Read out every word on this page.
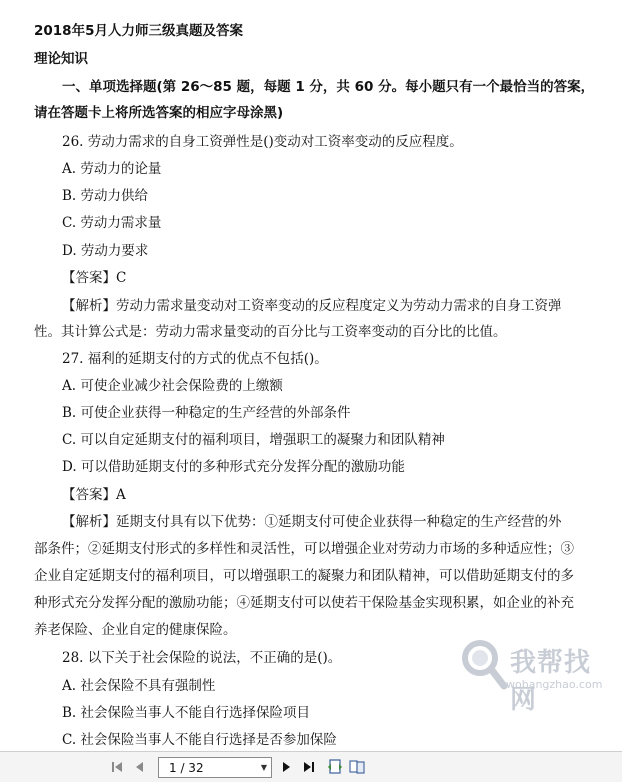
2018年5月人力师三级真题及答案
理论知识
一、单项选择题(第 26～85 题，每题 1 分，共 60 分。每小题只有一个最恰当的答案，
请在答题卡上将所选答案的相应字母涂黑)
26. 劳动力需求的自身工资弹性是()变动对工资率变动的反应程度。
A. 劳动力的论量
B. 劳动力供给
C. 劳动力需求量
D. 劳动力要求
【答案】C
【解析】劳动力需求量变动对工资率变动的反应程度定义为劳动力需求的自身工资弹
性。其计算公式是：劳动力需求量变动的百分比与工资率变动的百分比的比值。
27. 福利的延期支付的方式的优点不包括()。
A. 可使企业减少社会保险费的上缴额
B. 可使企业获得一种稳定的生产经营的外部条件
C. 可以自定延期支付的福利项目，增强职工的凝聚力和团队精神
D. 可以借助延期支付的多种形式充分发挥分配的激励功能
【答案】A
【解析】延期支付具有以下优势：①延期支付可使企业获得一种稳定的生产经营的外
部条件；②延期支付形式的多样性和灵活性，可以增强企业对劳动力市场的多种适应性；③
企业自定延期支付的福利项目，可以增强职工的凝聚力和团队精神，可以借助延期支付的多
种形式充分发挥分配的激励功能；④延期支付可以使若干保险基金实现积累，如企业的补充
养老保险、企业自定的健康保险。
28. 以下关于社会保险的说法，不正确的是()。
A. 社会保险不具有强制性
B. 社会保险当事人不能自行选择保险项目
C. 社会保险当事人不能自行选择是否参加保险
我帮找网
wobangzhao.com
1 / 32	▼
